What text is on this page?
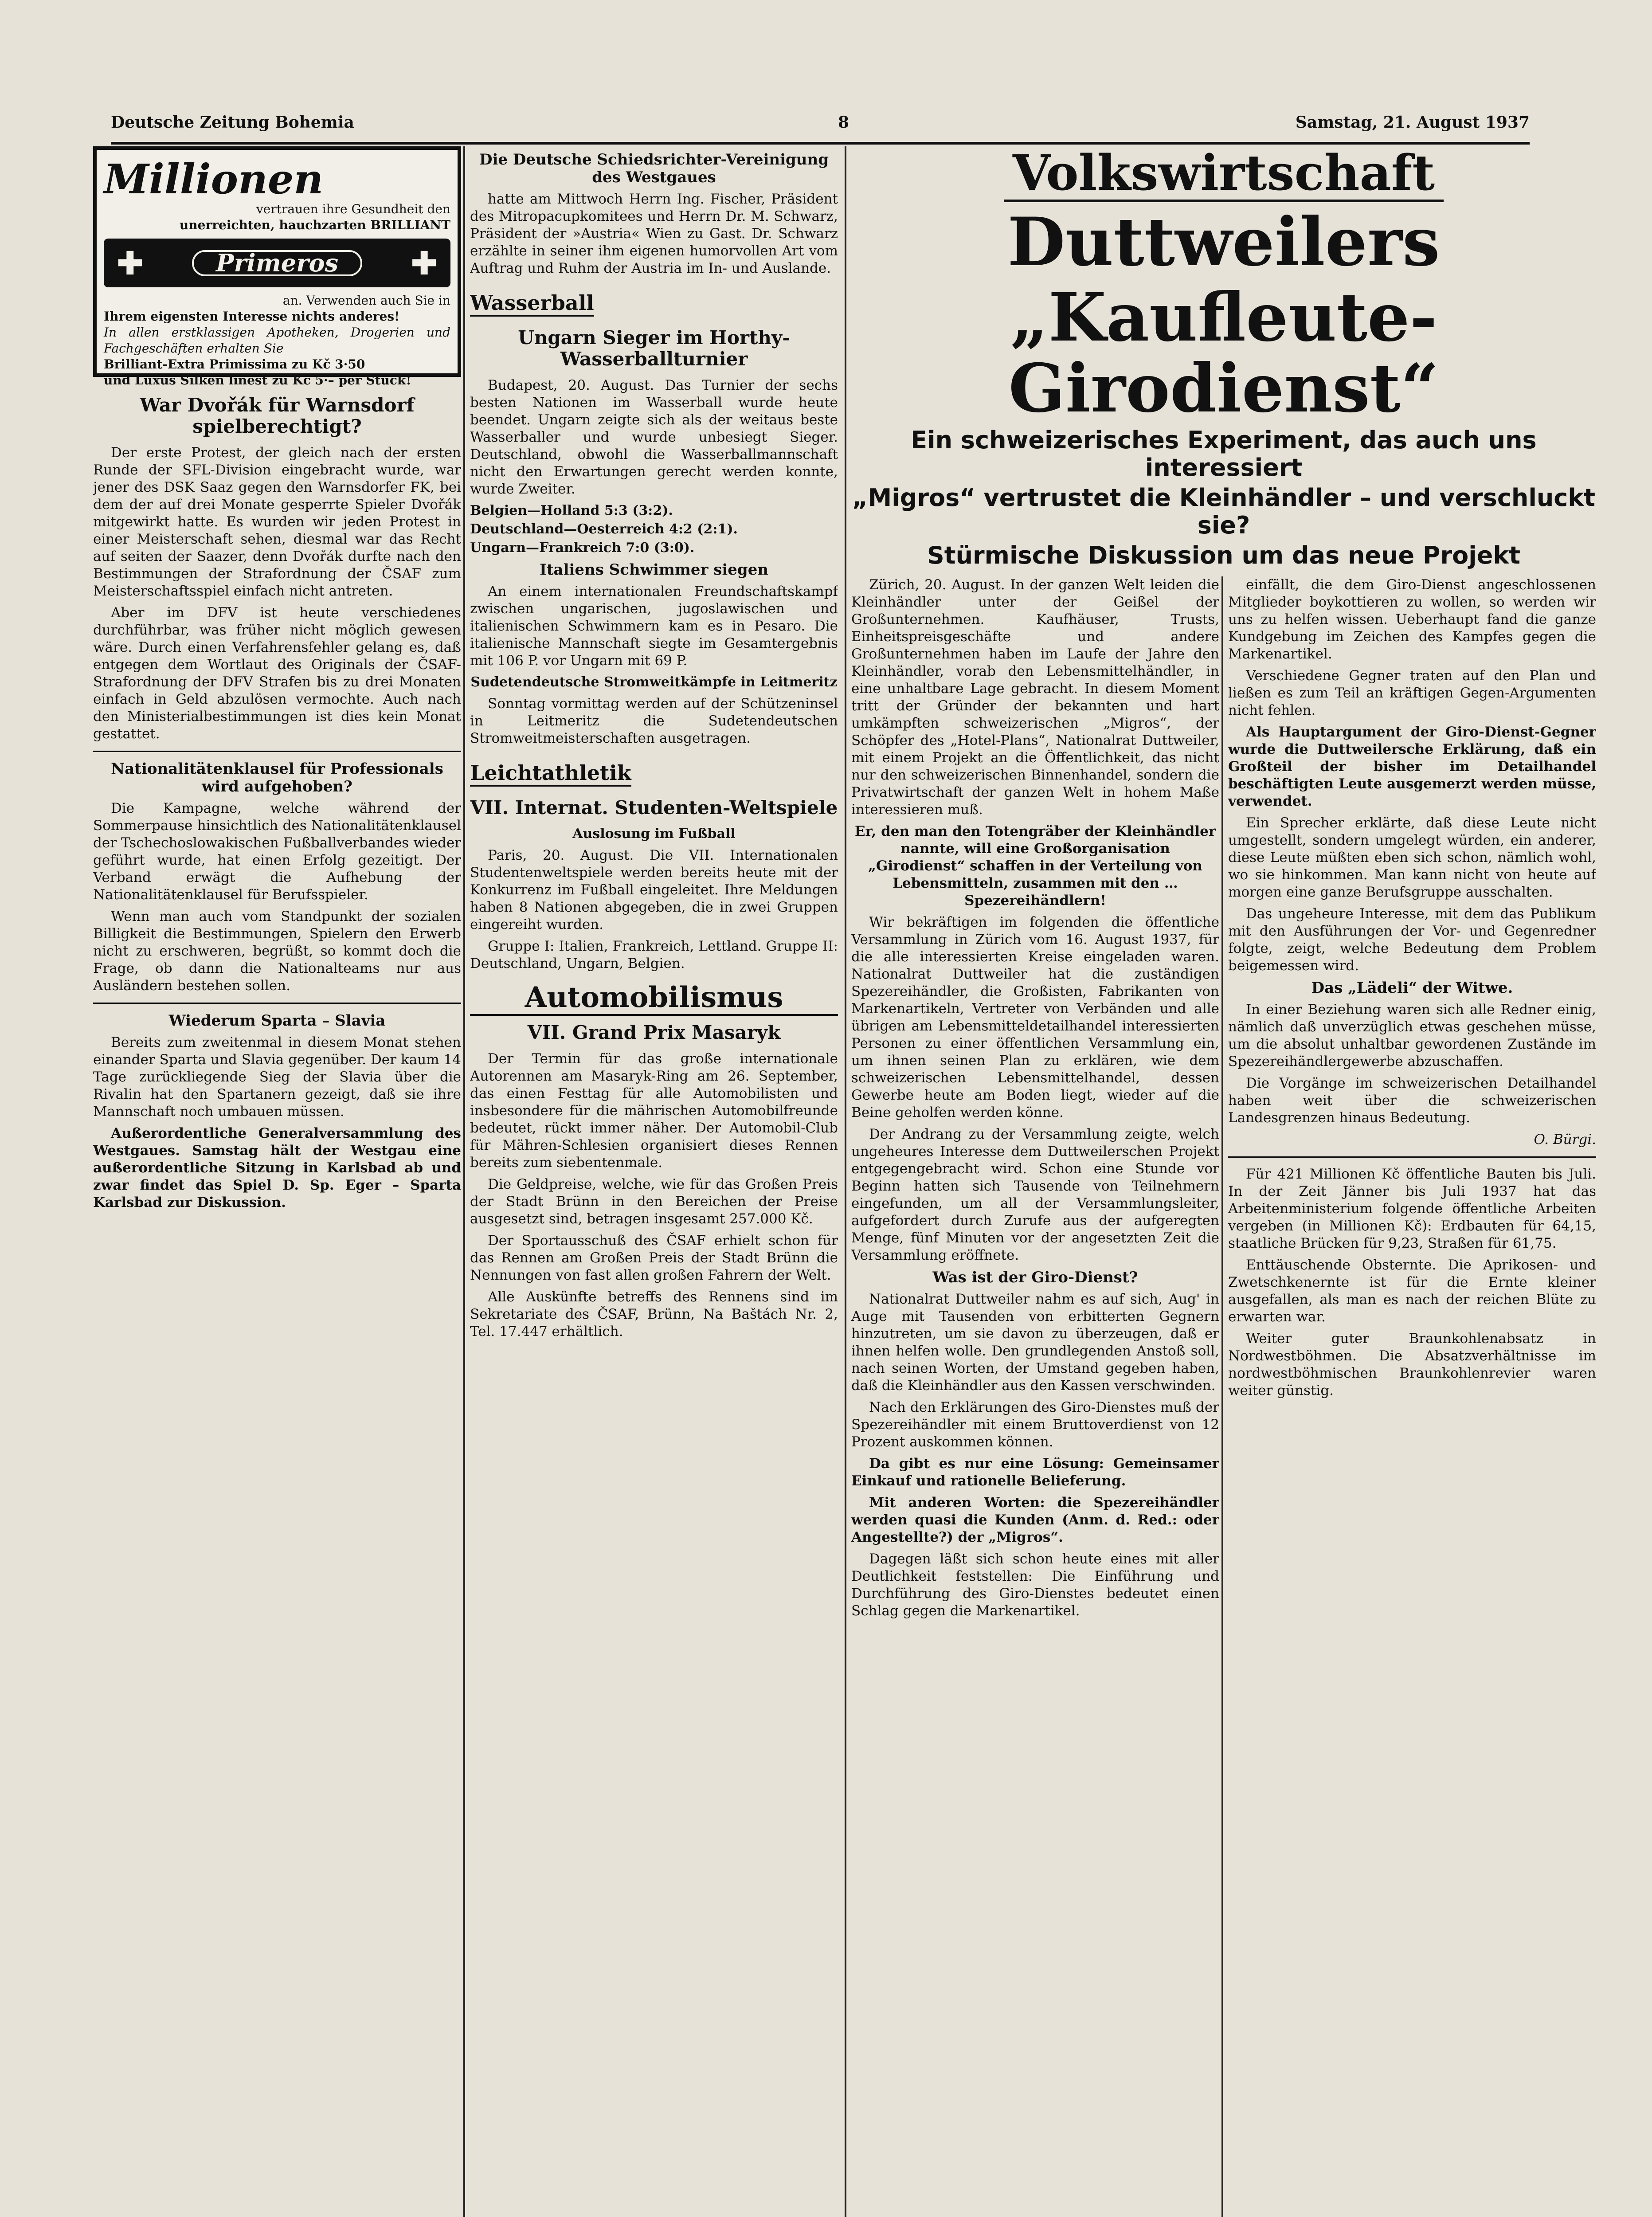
Deutsche Zeitung Bohemia	8	Samstag, 21. August 1937
Millionen
vertrauen ihre Gesundheit den
unerreichten, hauchzarten BRILLIANT
✚	Primeros	✚
an. Verwenden auch Sie in
Ihrem eigensten Interesse nichts anderes!
In allen erstklassigen Apotheken, Drogerien und Fachgeschäften erhalten Sie
Brilliant-Extra Primissima zu Kč 3·50
und Luxus Silken linest zu Kč 5·– per Stück!
War Dvořák für Warnsdorf spielberechtigt?

Der erste Protest, der gleich nach der ersten Runde der SFL-Division eingebracht wurde, war jener des DSK Saaz gegen den Warnsdorfer FK, bei dem der auf drei Monate gesperrte Spieler Dvořák mitgewirkt hatte. Es wurden wir jeden Protest in einer Meisterschaft sehen, diesmal war das Recht auf seiten der Saazer, denn Dvořák durfte nach den Bestimmungen der Strafordnung der ČSAF zum Meisterschaftsspiel einfach nicht antreten.

Aber im DFV ist heute verschiedenes durchführbar, was früher nicht möglich gewesen wäre. Durch einen Verfahrensfehler gelang es, daß entgegen dem Wortlaut des Originals der ČSAF-Strafordnung der DFV Strafen bis zu drei Monaten einfach in Geld abzulösen vermochte. Auch nach den Ministerialbestimmungen ist dies kein Monat gestattet.

Nationalitätenklausel für Professionals wird aufgehoben?

Die Kampagne, welche während der Sommerpause hinsichtlich des Nationalitätenklausel der Tschechoslowakischen Fußballverbandes wieder geführt wurde, hat einen Erfolg gezeitigt. Der Verband erwägt die Aufhebung der Nationalitätenklausel für Berufsspieler.

Wenn man auch vom Standpunkt der sozialen Billigkeit die Bestimmungen, Spielern den Erwerb nicht zu erschweren, begrüßt, so kommt doch die Frage, ob dann die Nationalteams nur aus Ausländern bestehen sollen.

Wiederum Sparta – Slavia

Bereits zum zweitenmal in diesem Monat stehen einander Sparta und Slavia gegenüber. Der kaum 14 Tage zurückliegende Sieg der Slavia über die Rivalin hat den Spartanern gezeigt, daß sie ihre Mannschaft noch umbauen müssen.

Außerordentliche Generalversammlung des Westgaues. Samstag hält der Westgau eine außerordentliche Sitzung in Karlsbad ab und zwar findet das Spiel D. Sp. Eger – Sparta Karlsbad zur Diskussion.

Die Deutsche Schiedsrichter-Vereinigung des Westgaues

hatte am Mittwoch Herrn Ing. Fischer, Präsident des Mitropacupkomitees und Herrn Dr. M. Schwarz, Präsident der »Austria« Wien zu Gast. Dr. Schwarz erzählte in seiner ihm eigenen humorvollen Art vom Auftrag und Ruhm der Austria im In- und Auslande.

Wasserball
Ungarn Sieger im Horthy-Wasserballturnier

Budapest, 20. August. Das Turnier der sechs besten Nationen im Wasserball wurde heute beendet. Ungarn zeigte sich als der weitaus beste Wasserballer und wurde unbesiegt Sieger. Deutschland, obwohl die Wasserballmannschaft nicht den Erwartungen gerecht werden konnte, wurde Zweiter.

Belgien—Holland 5:3 (3:2).
Deutschland—Oesterreich 4:2 (2:1).
Ungarn—Frankreich 7:0 (3:0).
Italiens Schwimmer siegen

An einem internationalen Freundschaftskampf zwischen ungarischen, jugoslawischen und italienischen Schwimmern kam es in Pesaro. Die italienische Mannschaft siegte im Gesamtergebnis mit 106 P. vor Ungarn mit 69 P.

Sudetendeutsche Stromweitkämpfe in Leitmeritz

Sonntag vormittag werden auf der Schützeninsel in Leitmeritz die Sudetendeutschen Stromweitmeisterschaften ausgetragen.

Leichtathletik
VII. Internat. Studenten-Weltspiele
Auslosung im Fußball

Paris, 20. August. Die VII. Internationalen Studentenweltspiele werden bereits heute mit der Konkurrenz im Fußball eingeleitet. Ihre Meldungen haben 8 Nationen abgegeben, die in zwei Gruppen eingereiht wurden.

Gruppe I: Italien, Frankreich, Lettland. Gruppe II: Deutschland, Ungarn, Belgien.

Automobilismus
VII. Grand Prix Masaryk

Der Termin für das große internationale Autorennen am Masaryk-Ring am 26. September, das einen Festtag für alle Automobilisten und insbesondere für die mährischen Automobilfreunde bedeutet, rückt immer näher. Der Automobil-Club für Mähren-Schlesien organisiert dieses Rennen bereits zum siebentenmale.

Die Geldpreise, welche, wie für das Großen Preis der Stadt Brünn in den Bereichen der Preise ausgesetzt sind, betragen insgesamt 257.000 Kč.

Der Sportausschuß des ČSAF erhielt schon für das Rennen am Großen Preis der Stadt Brünn die Nennungen von fast allen großen Fahrern der Welt.

Alle Auskünfte betreffs des Rennens sind im Sekretariate des ČSAF, Brünn, Na Baštách Nr. 2, Tel. 17.447 erhältlich.

Volkswirtschaft
Duttweilers
„Kaufleute-Girodienst“
Ein schweizerisches Experiment, das auch uns interessiert
„Migros“ vertrustet die Kleinhändler – und verschluckt sie?
Stürmische Diskussion um das neue Projekt

Zürich, 20. August. In der ganzen Welt leiden die Kleinhändler unter der Geißel der Großunternehmen. Kaufhäuser, Trusts, Einheitspreisgeschäfte und andere Großunternehmen haben im Laufe der Jahre den Kleinhändler, vorab den Lebensmittelhändler, in eine unhaltbare Lage gebracht. In diesem Moment tritt der Gründer der bekannten und hart umkämpften schweizerischen „Migros“, der Schöpfer des „Hotel-Plans“, Nationalrat Duttweiler, mit einem Projekt an die Öffentlichkeit, das nicht nur den schweizerischen Binnenhandel, sondern die Privatwirtschaft der ganzen Welt in hohem Maße interessieren muß.

Er, den man den Totengräber der Kleinhändler nannte, will eine Großorganisation „Girodienst“ schaffen in der Verteilung von Lebensmitteln, zusammen mit den … Spezereihändlern!

Wir bekräftigen im folgenden die öffentliche Versammlung in Zürich vom 16. August 1937, für die alle interessierten Kreise eingeladen waren. Nationalrat Duttweiler hat die zuständigen Spezereihändler, die Großisten, Fabrikanten von Markenartikeln, Vertreter von Verbänden und alle übrigen am Lebensmitteldetailhandel interessierten Personen zu einer öffentlichen Versammlung ein, um ihnen seinen Plan zu erklären, wie dem schweizerischen Lebensmittelhandel, dessen Gewerbe heute am Boden liegt, wieder auf die Beine geholfen werden könne.

Der Andrang zu der Versammlung zeigte, welch ungeheures Interesse dem Duttweilerschen Projekt entgegengebracht wird. Schon eine Stunde vor Beginn hatten sich Tausende von Teilnehmern eingefunden, um all der Versammlungsleiter, aufgefordert durch Zurufe aus der aufgeregten Menge, fünf Minuten vor der angesetzten Zeit die Versammlung eröffnete.

Was ist der Giro-Dienst?

Nationalrat Duttweiler nahm es auf sich, Aug' in Auge mit Tausenden von erbitterten Gegnern hinzutreten, um sie davon zu überzeugen, daß er ihnen helfen wolle. Den grundlegenden Anstoß soll, nach seinen Worten, der Umstand gegeben haben, daß die Kleinhändler aus den Kassen verschwinden.

Nach den Erklärungen des Giro-Dienstes muß der Spezereihändler mit einem Bruttoverdienst von 12 Prozent auskommen können.

Da gibt es nur eine Lösung: Gemeinsamer Einkauf und rationelle Belieferung.

Mit anderen Worten: die Spezereihändler werden quasi die Kunden (Anm. d. Red.: oder Angestellte?) der „Migros“.

Dagegen läßt sich schon heute eines mit aller Deutlichkeit feststellen: Die Einführung und Durchführung des Giro-Dienstes bedeutet einen Schlag gegen die Markenartikel.

einfällt, die dem Giro-Dienst angeschlossenen Mitglieder boykottieren zu wollen, so werden wir uns zu helfen wissen. Ueberhaupt fand die ganze Kundgebung im Zeichen des Kampfes gegen die Markenartikel.

Verschiedene Gegner traten auf den Plan und ließen es zum Teil an kräftigen Gegen-Argumenten nicht fehlen.

Als Hauptargument der Giro-Dienst-Gegner wurde die Duttweilersche Erklärung, daß ein Großteil der bisher im Detailhandel beschäftigten Leute ausgemerzt werden müsse, verwendet.

Ein Sprecher erklärte, daß diese Leute nicht umgestellt, sondern umgelegt würden, ein anderer, diese Leute müßten eben sich schon, nämlich wohl, wo sie hinkommen. Man kann nicht von heute auf morgen eine ganze Berufsgruppe ausschalten.

Das ungeheure Interesse, mit dem das Publikum mit den Ausführungen der Vor- und Gegenredner folgte, zeigt, welche Bedeutung dem Problem beigemessen wird.

Das „Lädeli“ der Witwe.

In einer Beziehung waren sich alle Redner einig, nämlich daß unverzüglich etwas geschehen müsse, um die absolut unhaltbar gewordenen Zustände im Spezereihändlergewerbe abzuschaffen.

Die Vorgänge im schweizerischen Detailhandel haben weit über die schweizerischen Landesgrenzen hinaus Bedeutung.

O. Bürgi.

Für 421 Millionen Kč öffentliche Bauten bis Juli. In der Zeit Jänner bis Juli 1937 hat das Arbeitenministerium folgende öffentliche Arbeiten vergeben (in Millionen Kč): Erdbauten für 64,15, staatliche Brücken für 9,23, Straßen für 61,75.

Enttäuschende Obsternte. Die Aprikosen- und Zwetschkenernte ist für die Ernte kleiner ausgefallen, als man es nach der reichen Blüte zu erwarten war.

Weiter guter Braunkohlenabsatz in Nordwestböhmen. Die Absatzverhältnisse im nordwestböhmischen Braunkohlenrevier waren weiter günstig.
